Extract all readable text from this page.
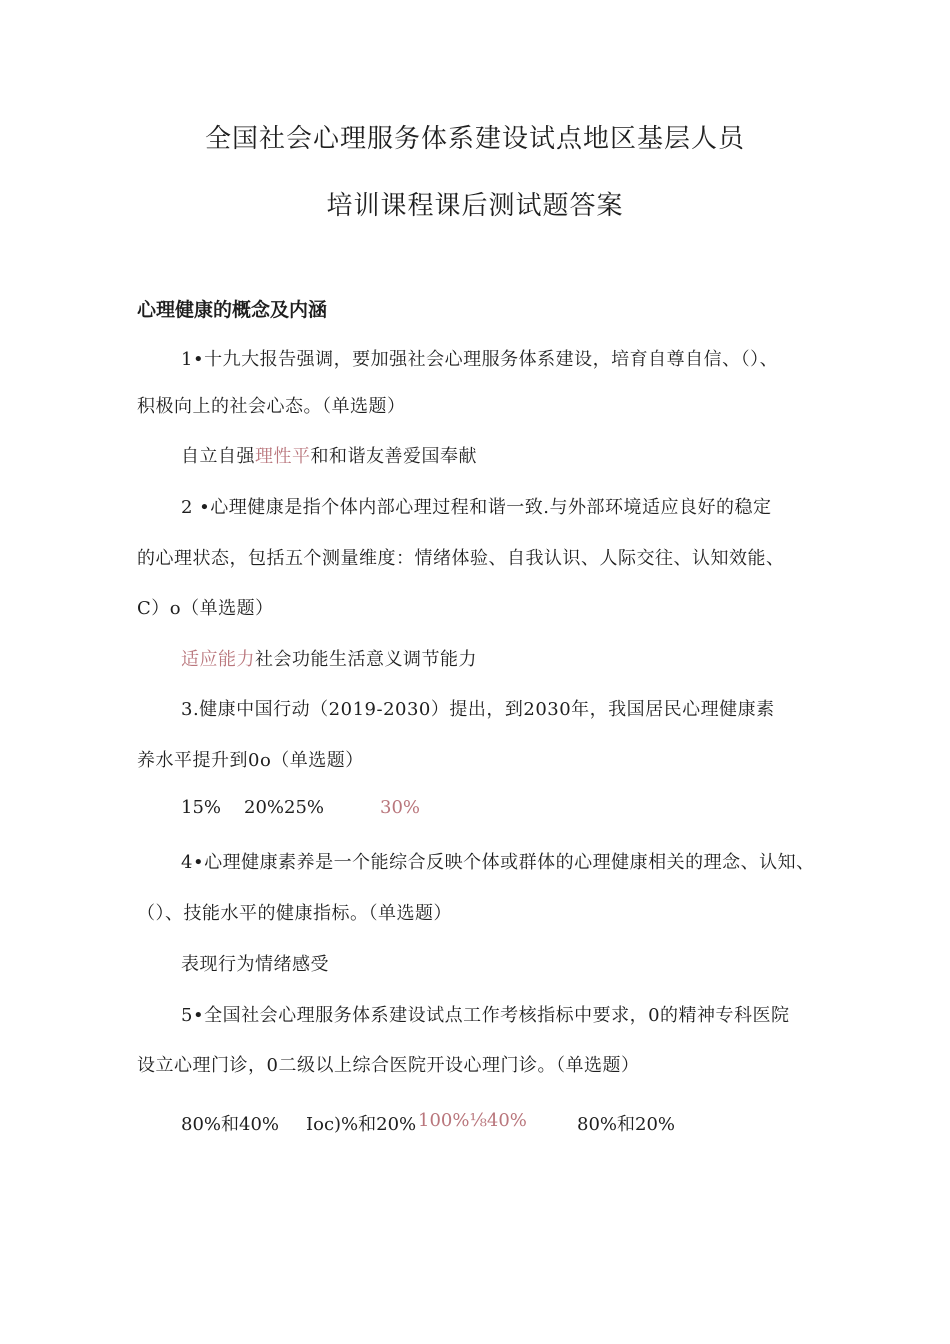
全国社会心理服务体系建设试点地区基层人员
培训课程课后测试题答案
心理健康的概念及内涵
1•十九大报告强调，要加强社会心理服务体系建设，培育自尊自信、（）、
积极向上的社会心态。（单选题）
自立自强理性平和和谐友善爱国奉献
2 •心理健康是指个体内部心理过程和谐一致.与外部环境适应良好的稳定
的心理状态，包括五个测量维度：情绪体验、自我认识、人际交往、认知效能、
C）o（单选题）
适应能力社会功能生活意义调节能力
3.健康中国行动（2019-2030）提出，到2030年，我国居民心理健康素
养水平提升到0o（单选题）
15% 20%25%	30%
4•心理健康素养是一个能综合反映个体或群体的心理健康相关的理念、认知、
（）、技能水平的健康指标。（单选题）
表现行为情绪感受
5•全国社会心理服务体系建设试点工作考核指标中要求，0的精神专科医院
设立心理门诊，0二级以上综合医院开设心理门诊。（单选题）
80%和40% Ioc)%和20% 100%⅛40%	80%和20%
